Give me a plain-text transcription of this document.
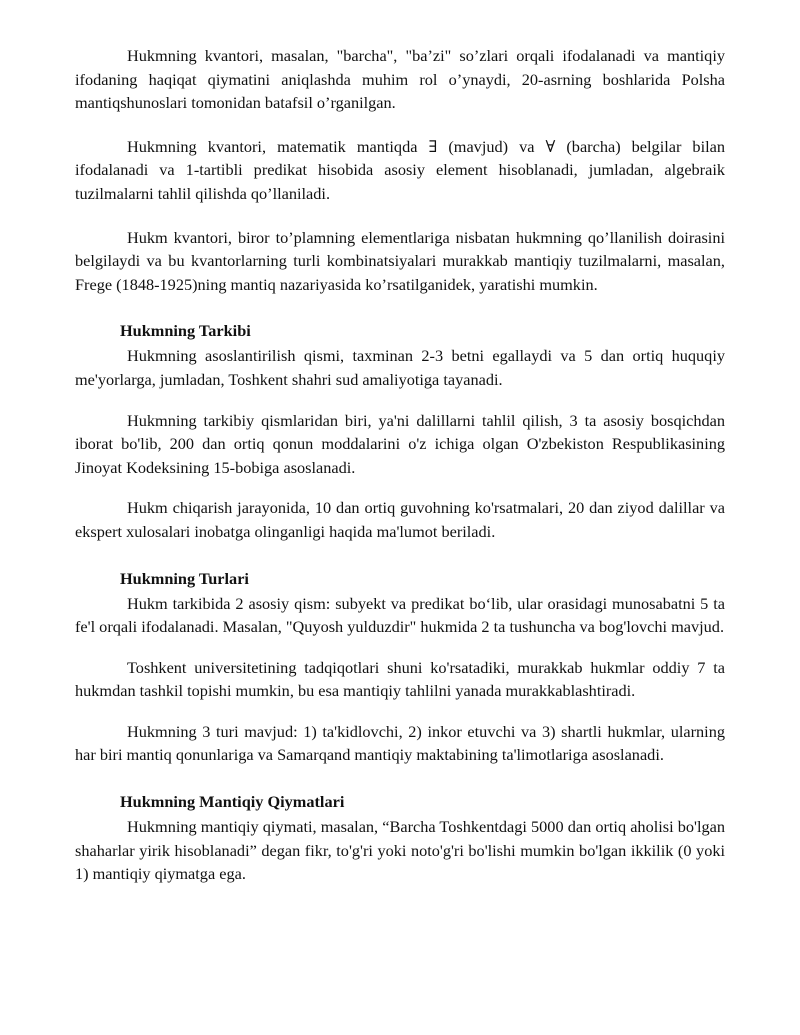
Hukmning kvantori, masalan, "barcha", "ba’zi" so’zlari orqali ifodalanadi va mantiqiy ifodaning haqiqat qiymatini aniqlashda muhim rol o’ynaydi, 20-asrning boshlarida Polsha mantiqshunoslari tomonidan batafsil o’rganilgan.

Hukmning kvantori, matematik mantiqda ∃ (mavjud) va ∀ (barcha) belgilar bilan ifodalanadi va 1-tartibli predikat hisobida asosiy element hisoblanadi, jumladan, algebraik tuzilmalarni tahlil qilishda qo’llaniladi.

Hukm kvantori, biror to’plamning elementlariga nisbatan hukmning qo’llanilish doirasini belgilaydi va bu kvantorlarning turli kombinatsiyalari murakkab mantiqiy tuzilmalarni, masalan, Frege (1848-1925)ning mantiq nazariyasida ko’rsatilganidek, yaratishi mumkin.

Hukmning Tarkibi

Hukmning asoslantirilish qismi, taxminan 2-3 betni egallaydi va 5 dan ortiq huquqiy me'yorlarga, jumladan, Toshkent shahri sud amaliyotiga tayanadi.

Hukmning tarkibiy qismlaridan biri, ya'ni dalillarni tahlil qilish, 3 ta asosiy bosqichdan iborat bo'lib, 200 dan ortiq qonun moddalarini o'z ichiga olgan O'zbekiston Respublikasining Jinoyat Kodeksining 15-bobiga asoslanadi.

Hukm chiqarish jarayonida, 10 dan ortiq guvohning ko'rsatmalari, 20 dan ziyod dalillar va ekspert xulosalari inobatga olinganligi haqida ma'lumot beriladi.

Hukmning Turlari

Hukm tarkibida 2 asosiy qism: subyekt va predikat bo‘lib, ular orasidagi munosabatni 5 ta fe'l orqali ifodalanadi. Masalan, "Quyosh yulduzdir" hukmida 2 ta tushuncha va bog'lovchi mavjud.

Toshkent universitetining tadqiqotlari shuni ko'rsatadiki, murakkab hukmlar oddiy 7 ta hukmdan tashkil topishi mumkin, bu esa mantiqiy tahlilni yanada murakkablashtiradi.

Hukmning 3 turi mavjud: 1) ta'kidlovchi, 2) inkor etuvchi va 3) shartli hukmlar, ularning har biri mantiq qonunlariga va Samarqand mantiqiy maktabining ta'limotlariga asoslanadi.

Hukmning Mantiqiy Qiymatlari

Hukmning mantiqiy qiymati, masalan, “Barcha Toshkentdagi 5000 dan ortiq aholisi bo'lgan shaharlar yirik hisoblanadi” degan fikr, to'g'ri yoki noto'g'ri bo'lishi mumkin bo'lgan ikkilik (0 yoki 1) mantiqiy qiymatga ega.
